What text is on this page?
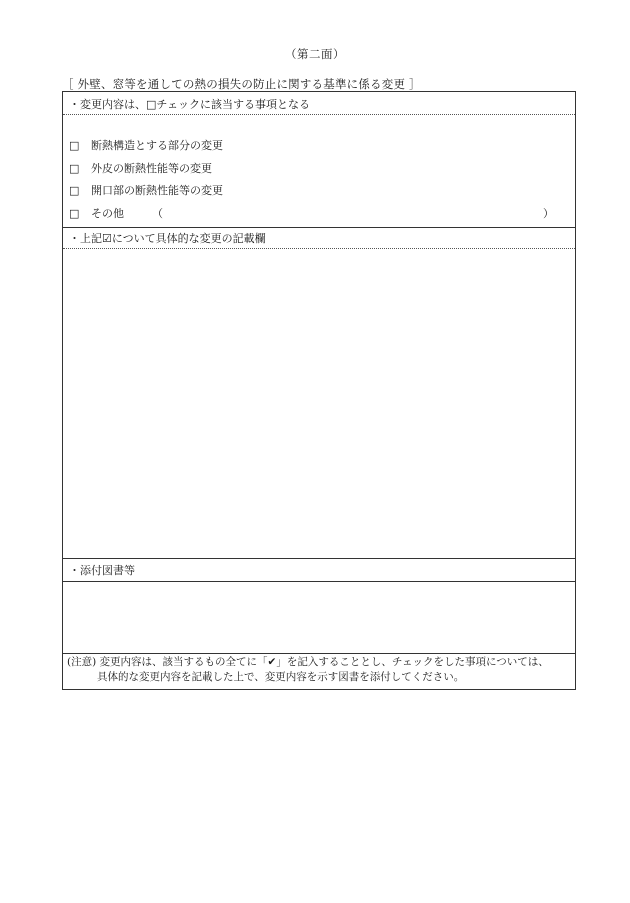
（第二面）
［ 外壁、窓等を通しての熱の損失の防止に関する基準に係る変更 ］
・変更内容は、□チェックに該当する事項となる
□ 断熱構造とする部分の変更
□ 外皮の断熱性能等の変更
□ 開口部の断熱性能等の変更
□ その他	（	）
・上記☑について具体的な変更の記載欄
・添付図書等
(注意) 変更内容は、該当するもの全てに「✔」を記入することとし、チェックをした事項については、
具体的な変更内容を記載した上で、変更内容を示す図書を添付してください。
